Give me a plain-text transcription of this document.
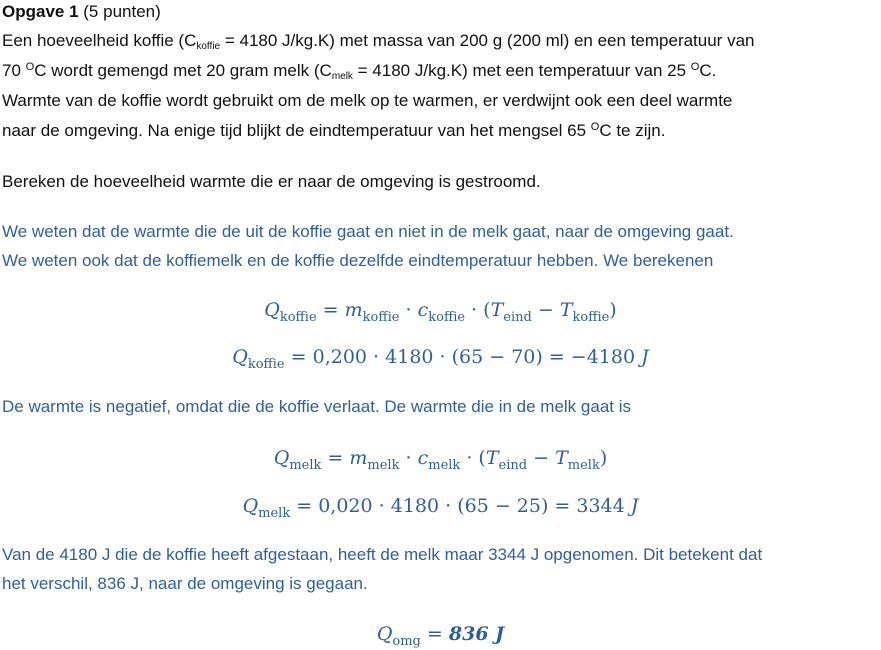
Opgave 1 (5 punten)
Een hoeveelheid koffie ($C_{koffie} = 4180$ J/kg.K) met massa van 200 g (200 ml) en een temperatuur van
70 $^O$C wordt gemengd met 20 gram melk ($C_{melk} = 4180$ J/kg.K) met een temperatuur van 25 $^O$C.
Warmte van de koffie wordt gebruikt om de melk op te warmen, er verdwijnt ook een deel warmte
naar de omgeving. Na enige tijd blijkt de eindtemperatuur van het mengsel 65 $^O$C te zijn.
Bereken de hoeveelheid warmte die er naar de omgeving is gestroomd.
We weten dat de warmte die de uit de koffie gaat en niet in de melk gaat, naar de omgeving gaat.
We weten ook dat de koffiemelk en de koffie dezelfde eindtemperatuur hebben. We berekenen
$Q_{koffie} = m_{koffie} \cdot c_{koffie} \cdot (T_{eind} - T_{koffie})$
$Q_{koffie} = 0,200 \cdot 4180 \cdot (65 - 70) = -4180$ J
De warmte is negatief, omdat die de koffie verlaat. De warmte die in de melk gaat is
$Q_{melk} = m_{melk} \cdot c_{melk} \cdot (T_{eind} - T_{melk})$
$Q_{melk} = 0,020 \cdot 4180 \cdot (65 - 25) = 3344$ J
Van de 4180 J die de koffie heeft afgestaan, heeft de melk maar 3344 J opgenomen. Dit betekent dat
het verschil, 836 J, naar de omgeving is gegaan.
$Q_{omg} = 836$ J
